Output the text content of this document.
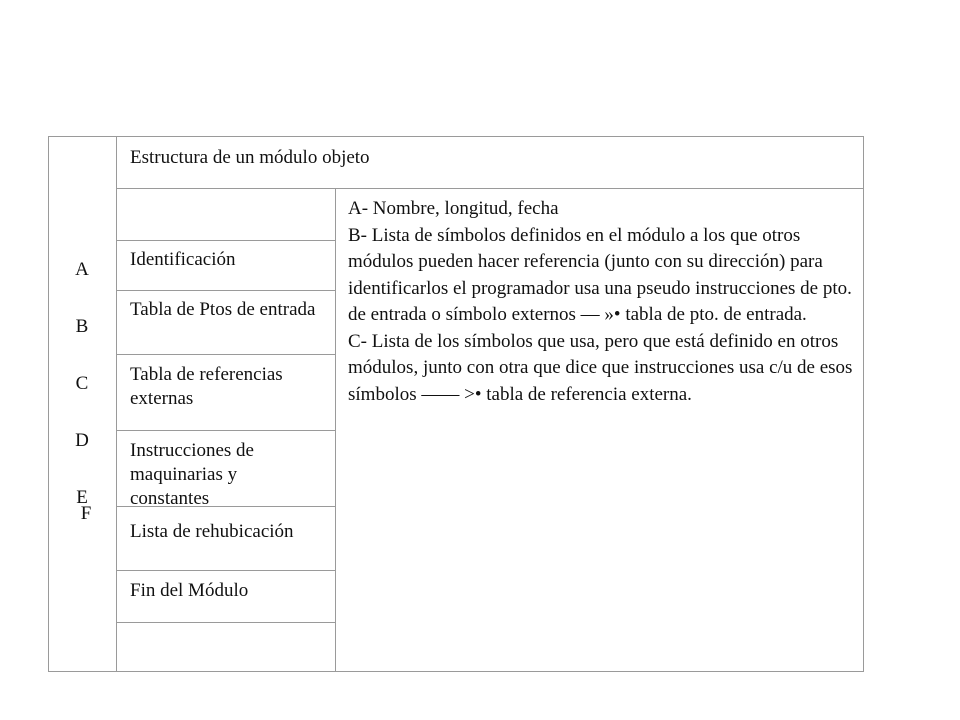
Estructura de un módulo objeto
A
B
C
D
E
F
Identificación
Tabla de Ptos de entrada
Tabla de referencias externas
Instrucciones de maquinarias y constantes
Lista de rehubicación
Fin del Módulo

A- Nombre, longitud, fecha

B- Lista de símbolos definidos en el módulo a los que otros módulos pueden hacer referencia (junto con su dirección) para identificarlos el programador usa una pseudo instrucciones de pto. de entrada o símbolo externos — »• tabla de pto. de entrada.

C- Lista de los símbolos que usa, pero que está definido en otros módulos, junto con otra que dice que instrucciones usa c/u de esos símbolos —— >• tabla de referencia externa.
